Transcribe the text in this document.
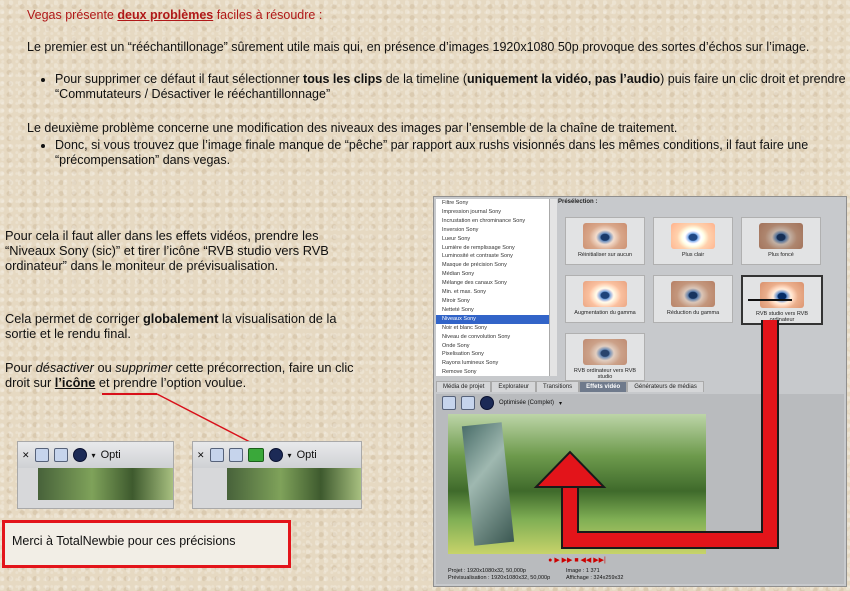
Vegas présente deux problèmes faciles à résoudre :
Le premier est un “rééchantillonage” sûrement utile mais qui, en présence d’images 1920x1080 50p provoque des sortes d’échos sur l’image.
• Pour supprimer ce défaut il faut sélectionner tous les clips de la timeline (uniquement la vidéo, pas l’audio) puis faire un clic droit et prendre “Commutateurs / Désactiver le rééchantillonnage”
Le deuxième problème concerne une modification des niveaux des images par l’ensemble de la chaîne de traitement.
• Donc, si vous trouvez que l’image finale manque de “pêche” par rapport aux rushs visionnés dans les mêmes conditions, il faut faire une “précompensation” dans vegas.
Pour cela il faut aller dans les effets vidéos, prendre les “Niveaux Sony (sic)” et tirer l’icône “RVB studio vers RVB ordinateur” dans le moniteur de prévisualisation.
Cela permet de corriger globalement la visualisation de la sortie et le rendu final.
Pour désactiver ou supprimer cette précorrection, faire un clic droit sur l’icône et prendre l’option voulue.
✕	▾ Opti	✕	▾ Opti
Merci à TotalNewbie pour ces précisions
Filtre Sony
Impression journal Sony
Incrustation en chrominance Sony
Inversion Sony
Lueur Sony
Lumière de remplissage Sony
Luminosité et contraste Sony
Masque de précision Sony
Médian Sony
Mélange des canaux Sony
Min. et max. Sony
Miroir Sony
Netteté Sony
Niveaux Sony
Noir et blanc Sony
Niveau de convolution Sony
Onde Sony
Pixelisation Sony
Rayons lumineux Sony
Remove Sony
Présélection :
Réinitialiser sur aucun	Plus clair	Plus foncé
Augmentation du gamma	Réduction du gamma	RVB studio vers RVB ordinateur
RVB ordinateur vers RVB studio
Média de projet	Explorateur	Transitions	Effets vidéo	Générateurs de médias
Optimisée (Complet) ▾
● ▶ ▶▶ ■ ◀◀ ▶▶|
Projet : 1920x1080x32, 50,000p
Prévisualisation : 1920x1080x32, 50,000p
Image : 1 371
Affichage : 324x259x32
